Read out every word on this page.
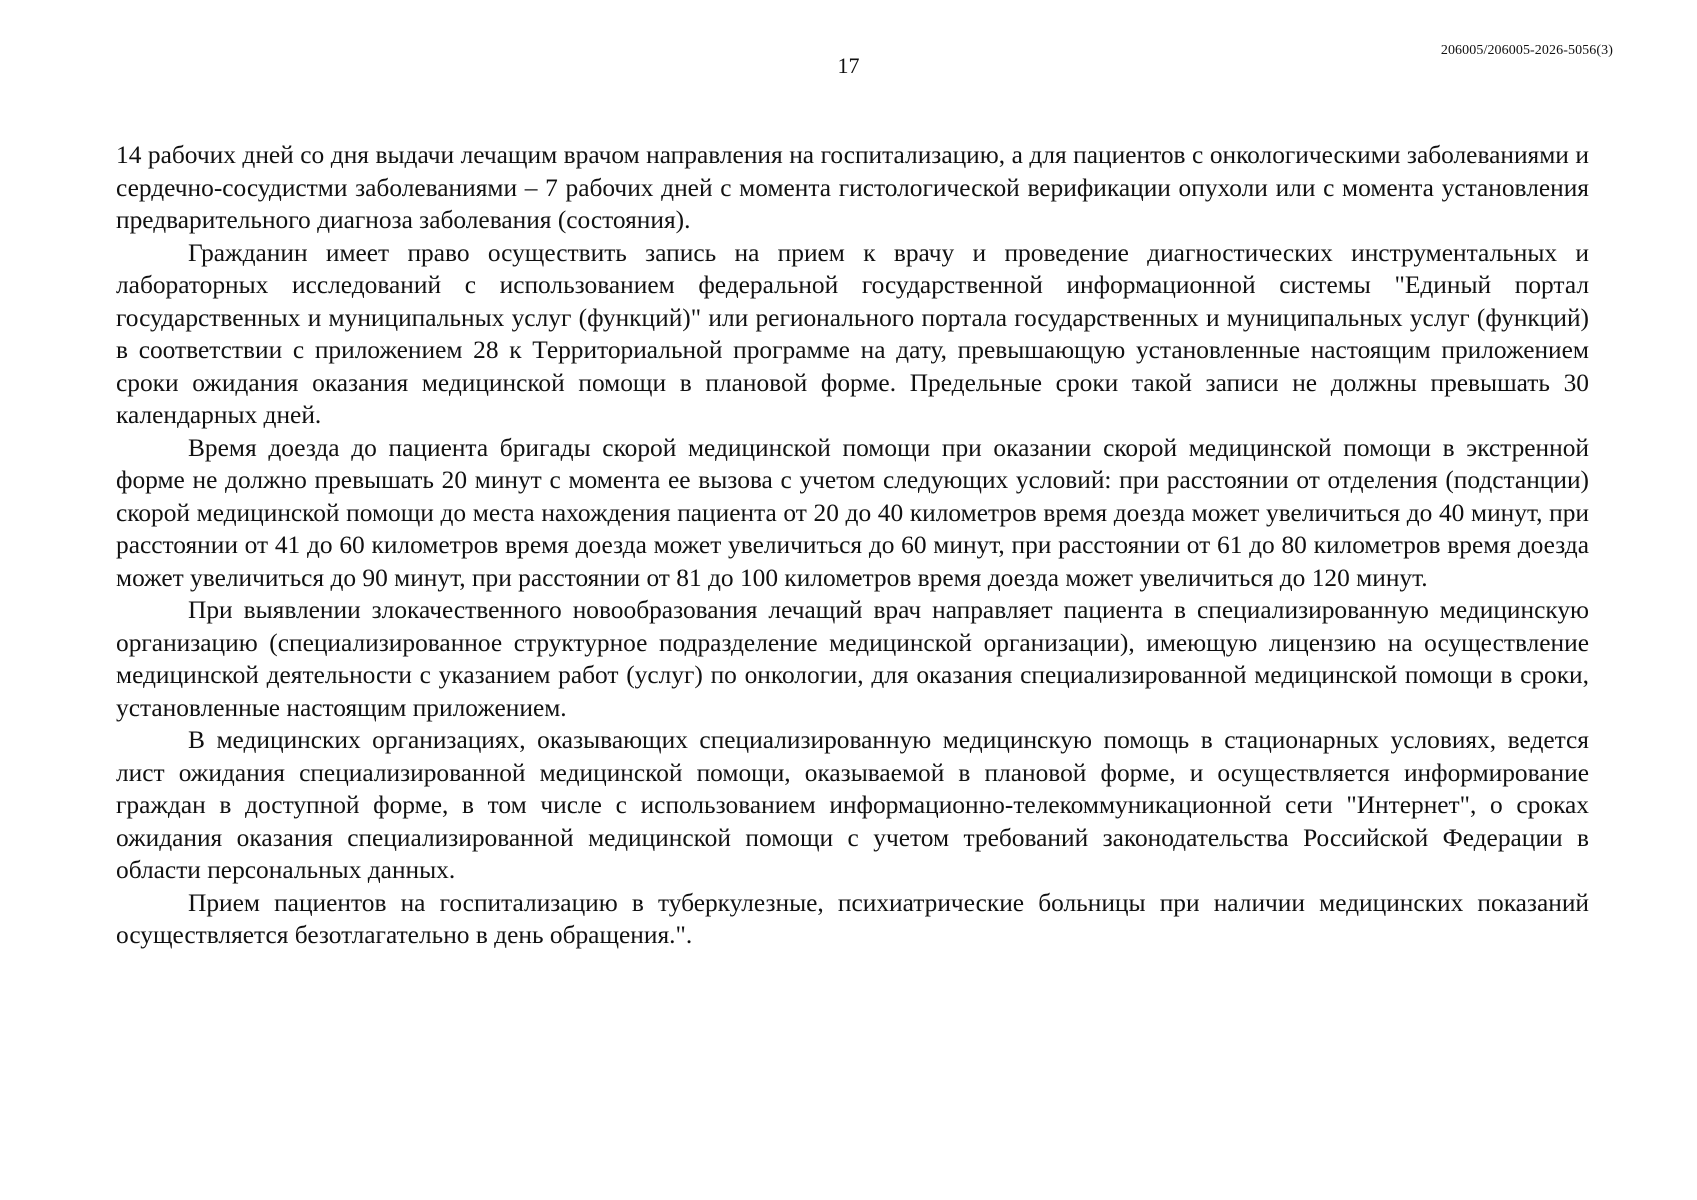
17
206005/206005-2026-5056(3)

14 рабочих дней со дня выдачи лечащим врачом направления на госпитализацию, а для пациентов с онкологическими заболеваниями и сердечно-сосудистми заболеваниями – 7 рабочих дней с момента гистологической верификации опухоли или с момента установления предварительного диагноза заболевания (состояния).

Гражданин имеет право осуществить запись на прием к врачу и проведение диагностических инструментальных и лабораторных исследований с использованием федеральной государственной информационной системы "Единый портал государственных и муниципальных услуг (функций)" или регионального портала государственных и муниципальных услуг (функций) в соответствии с приложением 28 к Территориальной программе на дату, превышающую установленные настоящим приложением сроки ожидания оказания медицинской помощи в плановой форме. Предельные сроки такой записи не должны превышать 30 календарных дней.

Время доезда до пациента бригады скорой медицинской помощи при оказании скорой медицинской помощи в экстренной форме не должно превышать 20 минут с момента ее вызова с учетом следующих условий: при расстоянии от отделения (подстанции) скорой медицинской помощи до места нахождения пациента от 20 до 40 километров время доезда может увеличиться до 40 минут, при расстоянии от 41 до 60 километров время доезда может увеличиться до 60 минут, при расстоянии от 61 до 80 километров время доезда может увеличиться до 90 минут, при расстоянии от 81 до 100 километров время доезда может увеличиться до 120 минут.

При выявлении злокачественного новообразования лечащий врач направляет пациента в специализированную медицинскую организацию (специализированное структурное подразделение медицинской организации), имеющую лицензию на осуществление медицинской деятельности с указанием работ (услуг) по онкологии, для оказания специализированной медицинской помощи в сроки, установленные настоящим приложением.

В медицинских организациях, оказывающих специализированную медицинскую помощь в стационарных условиях, ведется лист ожидания специализированной медицинской помощи, оказываемой в плановой форме, и осуществляется информирование граждан в доступной форме, в том числе с использованием информационно-телекоммуникационной сети "Интернет", о сроках ожидания оказания специализированной медицинской помощи с учетом требований законодательства Российской Федерации в области персональных данных.

Прием пациентов на госпитализацию в туберкулезные, психиатрические больницы при наличии медицинских показаний осуществляется безотлагательно в день обращения.".
